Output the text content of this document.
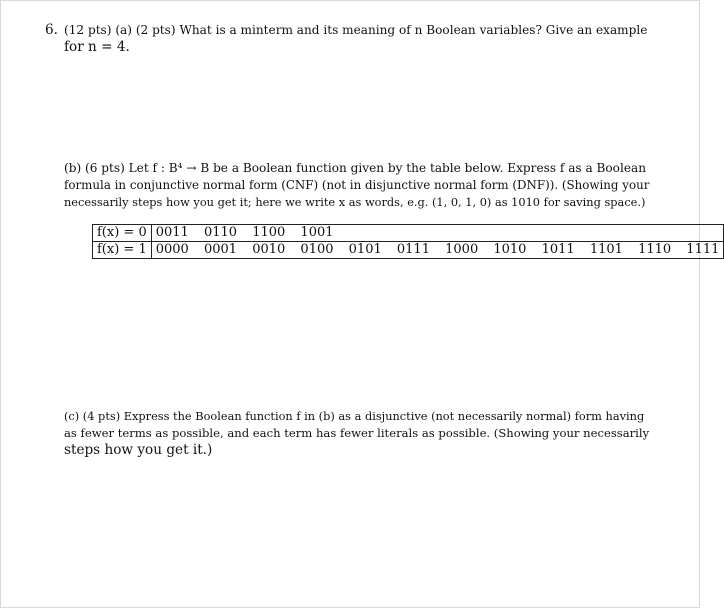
6. (12 pts) (a) (2 pts) What is a minterm and its meaning of n Boolean variables? Give an example
for n = 4.
(b) (6 pts) Let f : B⁴ → B be a Boolean function given by the table below. Express f as a Boolean
formula in conjunctive normal form (CNF) (not in disjunctive normal form (DNF)). (Showing your
necessarily steps how you get it; here we write x as words, e.g. (1, 0, 1, 0) as 1010 for saving space.)
f(x) = 0	0011 0110 1100 1001
f(x) = 1	0000 0001 0010 0100 0101 0111 1000 1010 1011 1101 1110 1111
(c) (4 pts) Express the Boolean function f in (b) as a disjunctive (not necessarily normal) form having
as fewer terms as possible, and each term has fewer literals as possible. (Showing your necessarily
steps how you get it.)
